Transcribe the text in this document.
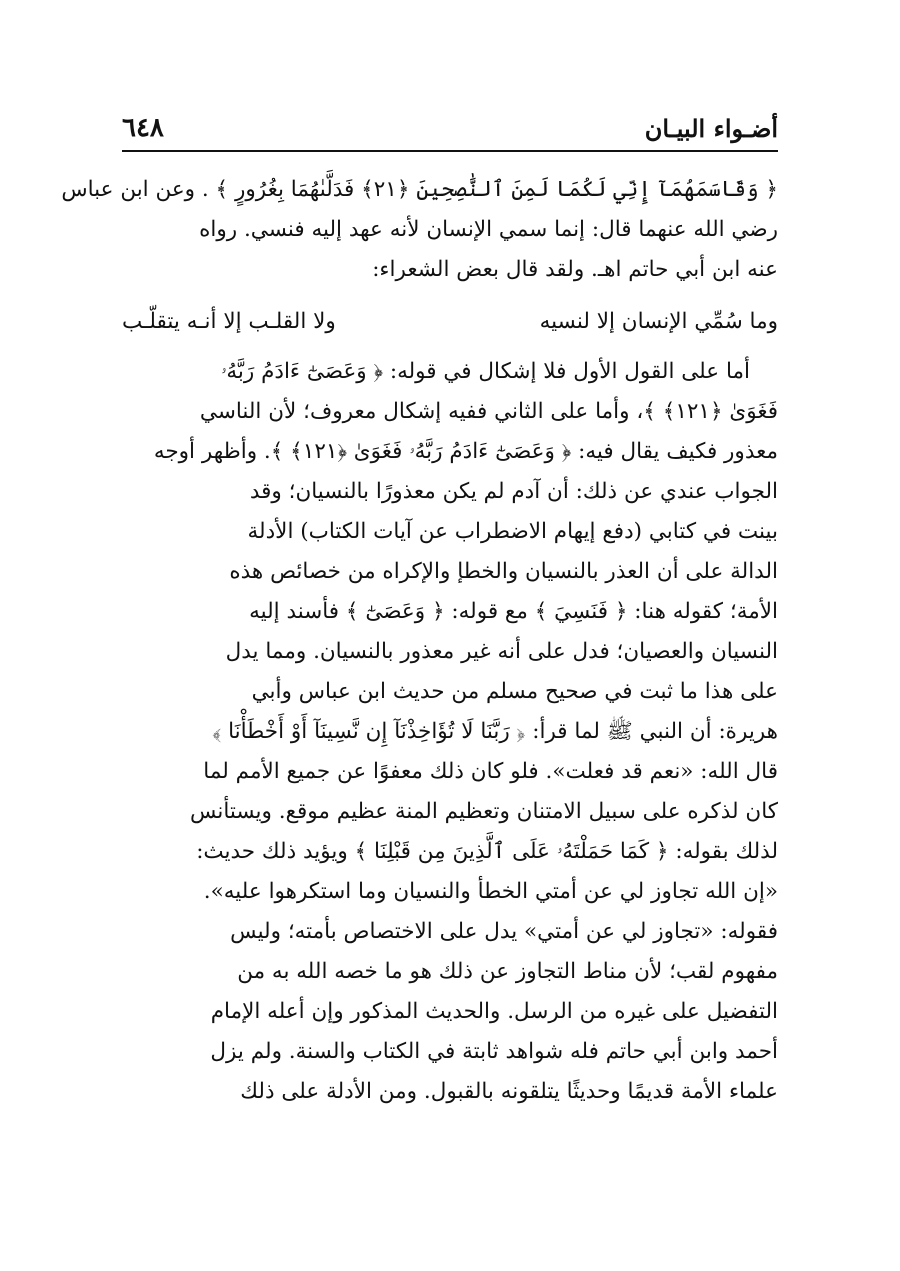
٦٤٨	أضـواء البيـان
﴿ وَقَاسَمَهُمَآ إِنِّي لَكُمَا لَمِنَ ٱلنَّٰصِحِينَ ﴿٢١﴾ فَدَلَّىٰهُمَا بِغُرُورٍ ﴾ . وعن ابن عباس
رضي الله عنهما قال: إنما سمي الإنسان لأنه عهد إليه فنسي. رواه
عنه ابن أبي حاتم اهـ. ولقد قال بعض الشعراء:
وما سُمِّي الإنسان إلا لنسيه
ولا القلـب إلا أنـه يتقلّـب
أما على القول الأول فلا إشكال في قوله: ﴿ وَعَصَىٰٓ ءَادَمُ رَبَّهُۥ
فَغَوَىٰ ﴿١٢١﴾ ﴾، وأما على الثاني ففيه إشكال معروف؛ لأن الناسي
معذور فكيف يقال فيه: ﴿ وَعَصَىٰٓ ءَادَمُ رَبَّهُۥ فَغَوَىٰ ﴿١٢١﴾ ﴾. وأظهر أوجه
الجواب عندي عن ذلك: أن آدم لم يكن معذورًا بالنسيان؛ وقد
بينت في كتابي (دفع إيهام الاضطراب عن آيات الكتاب) الأدلة
الدالة على أن العذر بالنسيان والخطإ والإكراه من خصائص هذه
الأمة؛ كقوله هنا: ﴿ فَنَسِيَ ﴾ مع قوله: ﴿ وَعَصَىٰٓ ﴾ فأسند إليه
النسيان والعصيان؛ فدل على أنه غير معذور بالنسيان. ومما يدل
على هذا ما ثبت في صحيح مسلم من حديث ابن عباس وأبي
هريرة: أن النبي ﷺ لما قرأ: ﴿ رَبَّنَا لَا تُؤَاخِذْنَآ إِن نَّسِينَآ أَوْ أَخْطَأْنَا ﴾
قال الله: «نعم قد فعلت». فلو كان ذلك معفوًا عن جميع الأمم لما
كان لذكره على سبيل الامتنان وتعظيم المنة عظيم موقع. ويستأنس
لذلك بقوله: ﴿ كَمَا حَمَلْتَهُۥ عَلَى ٱلَّذِينَ مِن قَبْلِنَا ﴾ ويؤيد ذلك حديث:
«إن الله تجاوز لي عن أمتي الخطأ والنسيان وما استكرهوا عليه».
فقوله: «تجاوز لي عن أمتي» يدل على الاختصاص بأمته؛ وليس
مفهوم لقب؛ لأن مناط التجاوز عن ذلك هو ما خصه الله به من
التفضيل على غيره من الرسل. والحديث المذكور وإن أعله الإمام
أحمد وابن أبي حاتم فله شواهد ثابتة في الكتاب والسنة. ولم يزل
علماء الأمة قديمًا وحديثًا يتلقونه بالقبول. ومن الأدلة على ذلك
